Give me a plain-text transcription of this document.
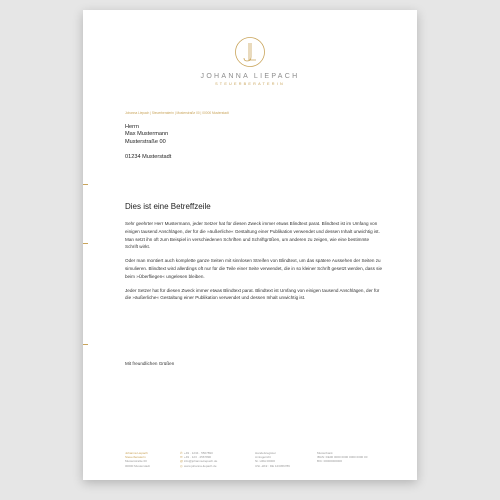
JOHANNA LIEPACH
STEUERBERATERIN
Johanna Liepach | Steuerberaterin | Musterstraße 00 | 00000 Musterstadt
Herrn
Max Mustermann
Musterstraße 00
01234 Musterstadt
Dies ist eine Betreffzeile

Sehr geehrter Herr Mustermann, jeder Setzer hat für diesen Zweck immer etwas Blindtext parat. Blindtext ist im Umfang von einigen tausend Anschlägen, der für die »äußerliche« Gestaltung einer Publikation verwendet und dessen Inhalt unwichtig ist. Man setzt ihn oft zum Beispiel in verschiedenen Schriften und Schriftgrößen, um anderen zu zeigen, wie eine bestimmte Schrift wirkt.

Oder man montiert auch komplette ganze Seiten mit sinnlosen Streifen von Blindtext, um das spätere Aussehen der Seiten zu simulieren. Blindtext wird allerdings oft nur für die Teile einer Seite verwendet, die in so kleiner Schrift gesetzt werden, dass sie beim »Überfliegen« ungelesen bleiben.

Jeder Setzer hat für diesen Zweck immer etwas Blindtext parat. Blindtext ist Umfang von einigen tausend Anschlägen, der für die »äußerliche« Gestaltung einer Publikation verwendet und dessen Inhalt unwichtig ist.

Mit freundlichen Grüßen
Johanna Liepach
Steuerberaterin
Musterstraße 00
00000 Musterstadt
✆+49 · 1234 · 5567890
✉+49 · 123 · 4567890
@info@johanna-liepach.de
◎www.johanna-liepach.de
Handelsregister
Amtsgericht
Nr. HRA 00000
USt.-IdNr.: DE 123456789
Musterbank
IBAN: DE00 0000 0000 0000 0000 00
BIC: 00000000000
